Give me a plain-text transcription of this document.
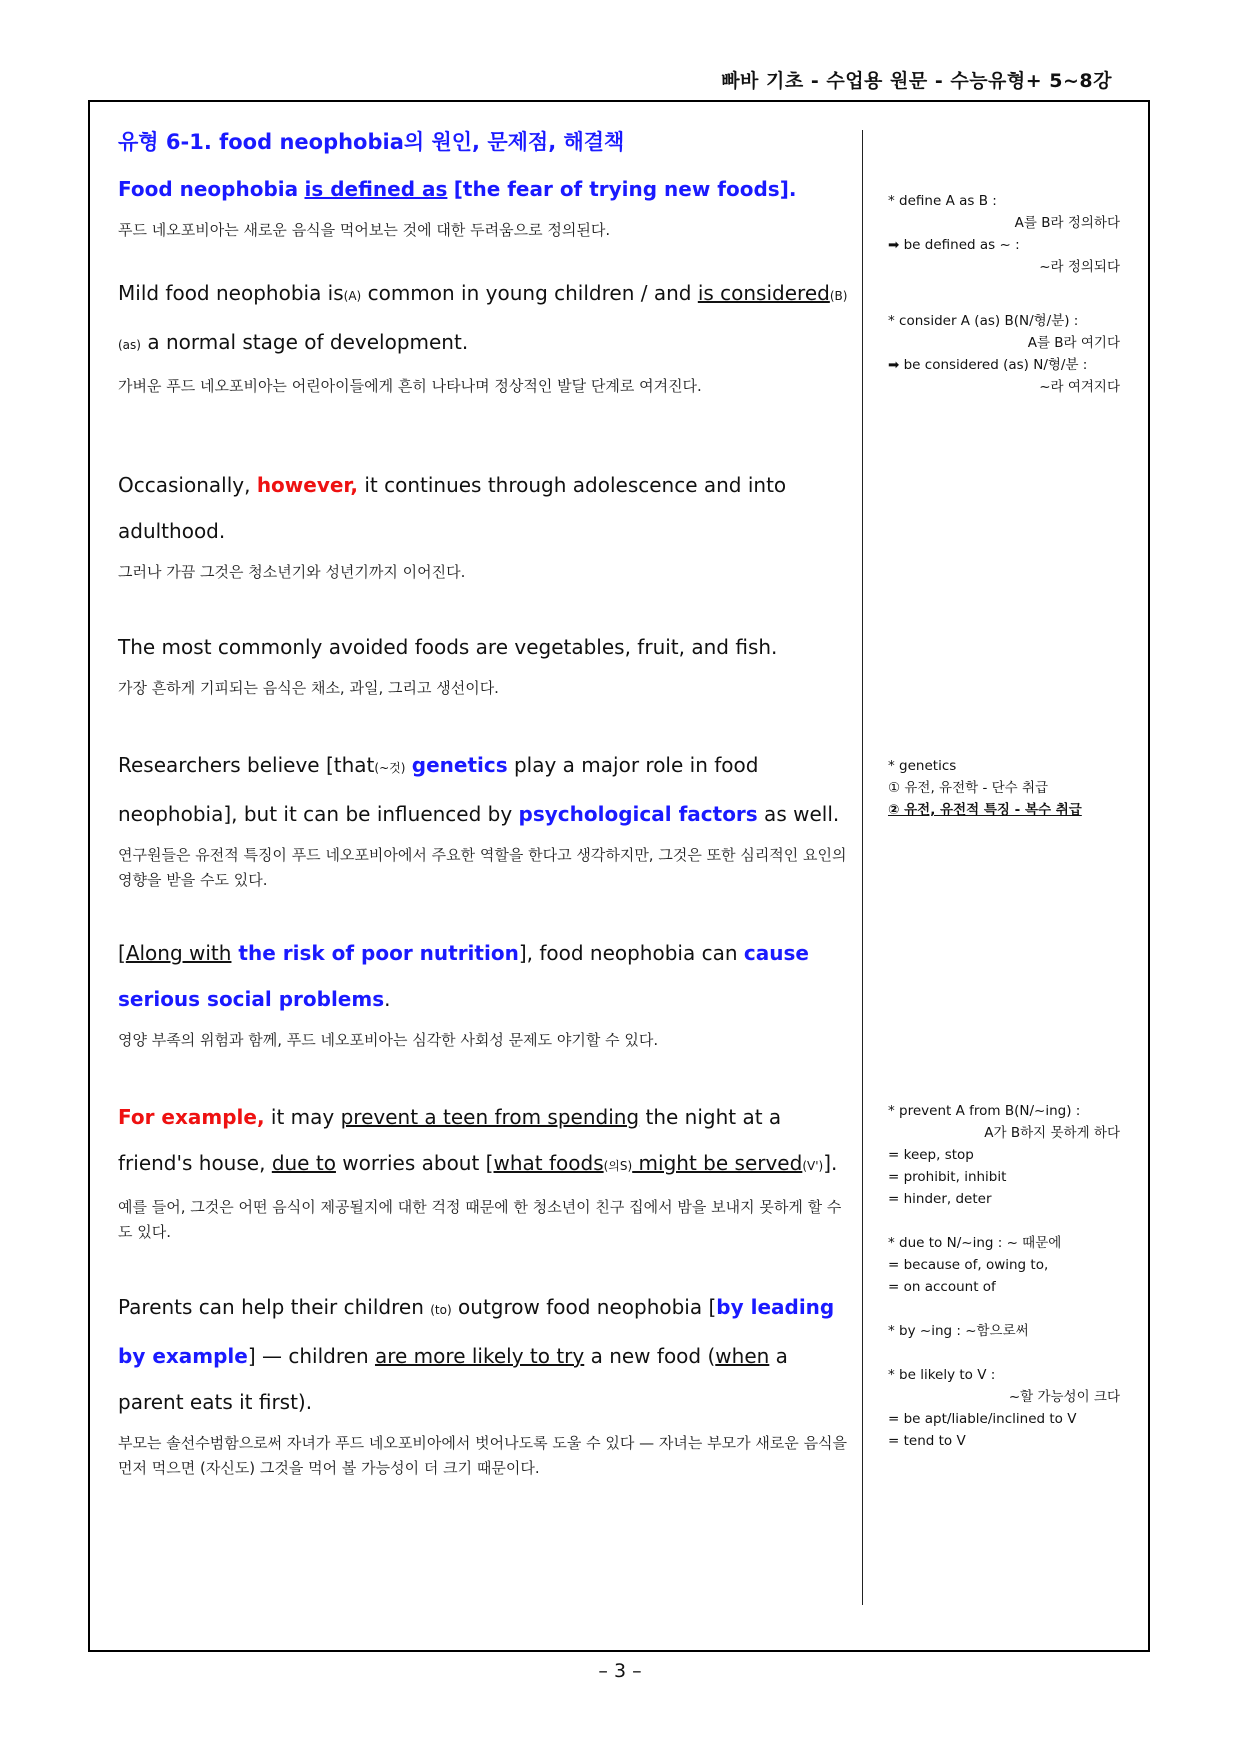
빠바 기초 - 수업용 원문 - 수능유형+ 5~8강
유형 6-1. food neophobia의 원인, 문제점, 해결책

Food neophobia is defined as [the fear of trying new foods].

푸드 네오포비아는 새로운 음식을 먹어보는 것에 대한 두려움으로 정의된다.

Mild food neophobia is(A) common in young children / and is considered(B) (as) a normal stage of development.

가벼운 푸드 네오포비아는 어린아이들에게 흔히 나타나며 정상적인 발달 단계로 여겨진다.

Occasionally, however, it continues through adolescence and into adulthood.

그러나 가끔 그것은 청소년기와 성년기까지 이어진다.

The most commonly avoided foods are vegetables, fruit, and fish.

가장 흔하게 기피되는 음식은 채소, 과일, 그리고 생선이다.

Researchers believe [that(~것) genetics play a major role in food neophobia], but it can be influenced by psychological factors as well.

연구원들은 유전적 특징이 푸드 네오포비아에서 주요한 역할을 한다고 생각하지만, 그것은 또한 심리적인 요인의 영향을 받을 수도 있다.

[Along with the risk of poor nutrition], food neophobia can cause serious social problems.

영양 부족의 위험과 함께, 푸드 네오포비아는 심각한 사회성 문제도 야기할 수 있다.

For example, it may prevent a teen from spending the night at a friend's house, due to worries about [what foods(의S) might be served(V')].

예를 들어, 그것은 어떤 음식이 제공될지에 대한 걱정 때문에 한 청소년이 친구 집에서 밤을 보내지 못하게 할 수도 있다.

Parents can help their children (to) outgrow food neophobia [by leading by example] — children are more likely to try a new food (when a parent eats it first).

부모는 솔선수범함으로써 자녀가 푸드 네오포비아에서 벗어나도록 도울 수 있다 — 자녀는 부모가 새로운 음식을 먼저 먹으면 (자신도) 그것을 먹어 볼 가능성이 더 크기 때문이다.

* define A as B :
A를 B라 정의하다
➡ be defined as ~ :
~라 정의되다
* consider A (as) B(N/형/분) :
A를 B라 여기다
➡ be considered (as) N/형/분 :
~라 여겨지다
* genetics
① 유전, 유전학 - 단수 취급
② 유전, 유전적 특징 - 복수 취급
* prevent A from B(N/~ing) :
A가 B하지 못하게 하다
= keep, stop
= prohibit, inhibit
= hinder, deter
* due to N/~ing : ~ 때문에
= because of, owing to,
= on account of
* by ~ing : ~함으로써
* be likely to V :
~할 가능성이 크다
= be apt/liable/inclined to V
= tend to V
– 3 –
